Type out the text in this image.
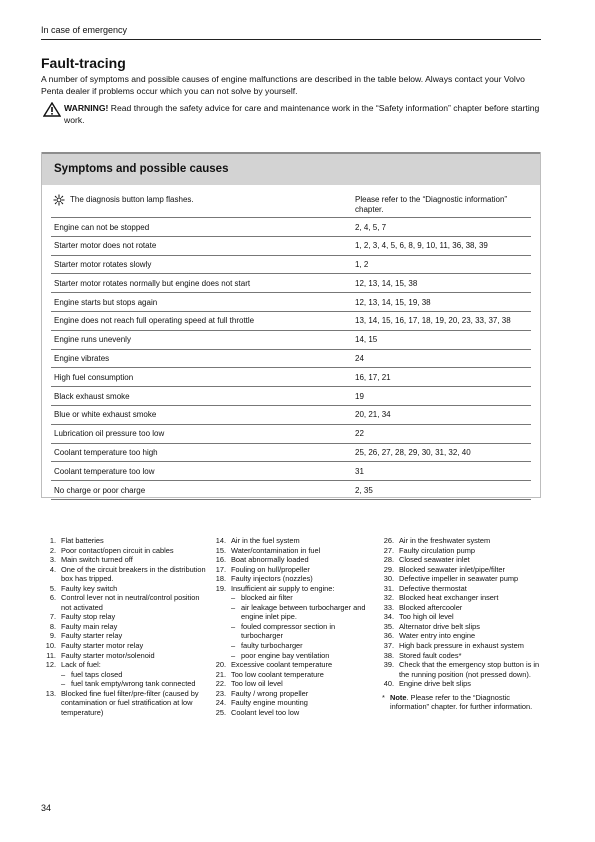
In case of emergency
Fault-tracing
A number of symptoms and possible causes of engine malfunctions are described in the table below. Always contact your Volvo Penta dealer if problems occur which you can not solve by yourself.
WARNING! Read through the safety advice for care and maintenance work in the “Safety information” chapter before starting work.
Symptoms and possible causes
The diagnosis button lamp flashes.	Please refer to the “Diagnostic information” chapter.
Engine can not be stopped	2, 4, 5, 7
Starter motor does not rotate	1, 2, 3, 4, 5, 6, 8, 9, 10, 11, 36, 38, 39
Starter motor rotates slowly	1, 2
Starter motor rotates normally but engine does not start	12, 13, 14, 15, 38
Engine starts but stops again	12, 13, 14, 15, 19, 38
Engine does not reach full operating speed at full throttle	13, 14, 15, 16, 17, 18, 19, 20, 23, 33, 37, 38
Engine runs unevenly	14, 15
Engine vibrates	24
High fuel consumption	16, 17, 21
Black exhaust smoke	19
Blue or white exhaust smoke	20, 21, 34
Lubrication oil pressure too low	22
Coolant temperature too high	25, 26, 27, 28, 29, 30, 31, 32, 40
Coolant temperature too low	31
No charge or poor charge	2, 35
1. Flat batteries
2. Poor contact/open circuit in cables
3. Main switch turned off
4. One of the circuit breakers in the distribution box has tripped.
5. Faulty key switch
6. Control lever not in neutral/control position not activated
7. Faulty stop relay
8. Faulty main relay
9. Faulty starter relay
10. Faulty starter motor relay
11. Faulty starter motor/solenoid
12. Lack of fuel:
– fuel taps closed
– fuel tank empty/wrong tank connected
13. Blocked fine fuel filter/pre-filter (caused by contamination or fuel stratification at low temperature)
14. Air in the fuel system
15. Water/contamination in fuel
16. Boat abnormally loaded
17. Fouling on hull/propeller
18. Faulty injectors (nozzles)
19. Insufficient air supply to engine:
– blocked air filter
– air leakage between turbocharger and engine inlet pipe.
– fouled compressor section in turbocharger
– faulty turbocharger
– poor engine bay ventilation
20. Excessive coolant temperature
21. Too low coolant temperature
22. Too low oil level
23. Faulty / wrong propeller
24. Faulty engine mounting
25. Coolant level too low
26. Air in the freshwater system
27. Faulty circulation pump
28. Closed seawater inlet
29. Blocked seawater inlet/pipe/filter
30. Defective impeller in seawater pump
31. Defective thermostat
32. Blocked heat exchanger insert
33. Blocked aftercooler
34. Too high oil level
35. Alternator drive belt slips
36. Water entry into engine
37. High back pressure in exhaust system
38. Stored fault codes*
39. Check that the emergency stop button is in the running position (not pressed down).
40. Engine drive belt slips
* Note. Please refer to the “Diagnostic information” chapter. for further information.
34
